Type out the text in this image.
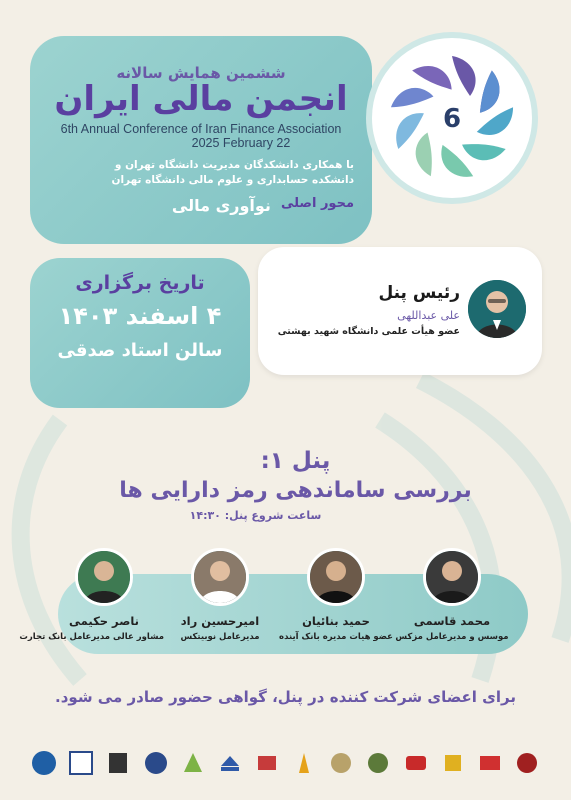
ششمین همایش سالانه
انجمن مالی ایران
6th Annual Conference of Iran Finance Association
2025 February 22
با همکاری دانشکدگان مدیریت دانشگاه تهران و
دانشکده حسابداری و علوم مالی دانشگاه تهران
محور اصلی
نوآوری مالی
6
تاریخ برگزاری
۴ اسفند ۱۴۰۳
سالن استاد صدقی
رئیس پنل
علی عبداللهی
عضو هیأت علمی دانشگاه شهید بهشتی
پنل ۱:
بررسی ساماندهی رمز دارایی ها
ساعت شروع پنل: ۱۴:۳۰
محمد قاسمی
موسس و مدیرعامل مزکس
حمید بنائیان
عضو هیات مدیره بانک آینده
امیرحسین راد
مدیرعامل نوبیتکس
ناصر حکیمی
مشاور عالی مدیرعامل بانک تجارت
برای اعضای شرکت کننده در پنل، گواهی حضور صادر می شود.
